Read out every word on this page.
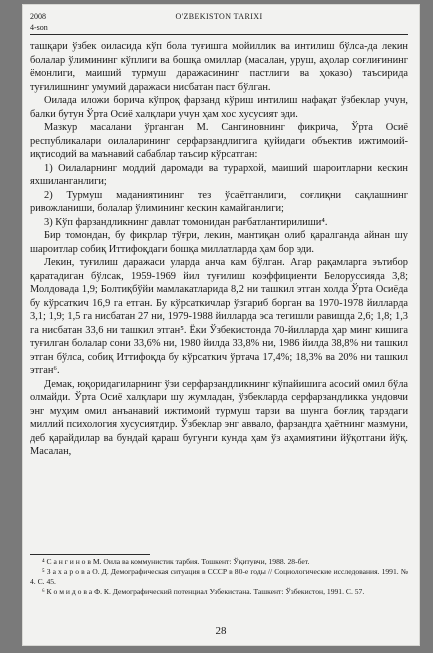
2008
4-son
O'ZBEKISTON TARIXI

ташқари ўзбек оиласида кўп бола туғишга мойиллик ва интилиш бўлса-да лекин болалар ўлимининг кўплиги ва бошқа омиллар (масалан, уруш, аҳолар соғлиғининг ёмонлиги, маиший турмуш даражасининг пастлиги ва ҳоказо) таъсирида туғилишнинг умумий даражаси нисбатан паст бўлган.

Оилада иложи борича кўпроқ фарзанд кўриш интилиш нафақат ўзбеклар учун, балки бутун Ўрта Осиё халқлари учун ҳам хос хусусият эди.

Мазкур масалани ўрганган М. Сангиновнинг фикрича, Ўрта Осиё республикалари оилаларининг серфарзандлигига қуйидаги объектив ижтимоий-иқтисодий ва маънавий сабаблар таъсир кўрсатган:

1) Оилаларнинг моддий даромади ва турархой, маиший шароитларни кескин яхшиланганлиги;

2) Турмуш маданиятининг тез ўсаётганлиги, соғлиқни сақлашнинг ривожланиши, болалар ўлимининг кескин камайганлиги;

3) Кўп фарзандликнинг давлат томонидан рағбатлантирилиши⁴.

Бир томондан, бу фикрлар тўғри, лекин, мантиқан олиб қаралганда айнан шу шароитлар собиқ Иттифоқдаги бошқа миллатларда ҳам бор эди.

Лекин, туғилиш даражаси уларда анча кам бўлган. Агар рақамларга эътибор қаратадиган бўлсак, 1959-1969 йил туғилиш коэффициенти Белоруссияда 3,8; Молдовада 1,9; Болтиқбўйи мамлакатларида 8,2 ни ташкил этган холда Ўрта Осиёда бу кўрсаткич 16,9 га етган. Бу кўрсаткичлар ўзгариб борган ва 1970-1978 йилларда 3,1; 1,9; 1,5 га нисбатан 27 ни, 1979-1988 йилларда эса тегишли равишда 2,6; 1,8; 1,3 га нисбатан 33,6 ни ташкил этган⁵. Ёки Ўзбекистонда 70-йилларда ҳар минг кишига туғилган болалар сони 33,6% ни, 1980 йилда 33,8% ни, 1986 йилда 38,8% ни ташкил этган бўлса, собиқ Иттифоқда бу кўрсаткич ўртача 17,4%; 18,3% ва 20% ни ташкил этган⁶.

Демак, юқоридагиларнинг ўзи серфарзандликнинг кўпайишига асосий омил бўла олмайди. Ўрта Осиё халқлари шу жумладан, ўзбекларда серфарзандликка ундовчи энг муҳим омил анъанавий ижтимоий турмуш тарзи ва шунга боғлиқ тарздаги миллий психология хусусиятдир. Ўзбеклар энг аввало, фарзандга ҳаётнинг мазмуни, деб қарайдилар ва бундай қараш бугунги кунда ҳам ўз аҳамиятини йўқотгани йўқ. Масалан,

⁴ С а н г и н о в М. Оила ва коммунистик тарбия. Тошкент: Ўқитувчи, 1988. 28-бет.

⁵ З а х а р о в а О. Д. Демографическая ситуация в СССР в 80-е годы // Социологические исследования. 1991. № 4. С. 45.

⁶ К о м и д о в а Ф. К. Демографический потенциал Узбекистана. Ташкент: Ўзбекистон, 1991. С. 57.

28
